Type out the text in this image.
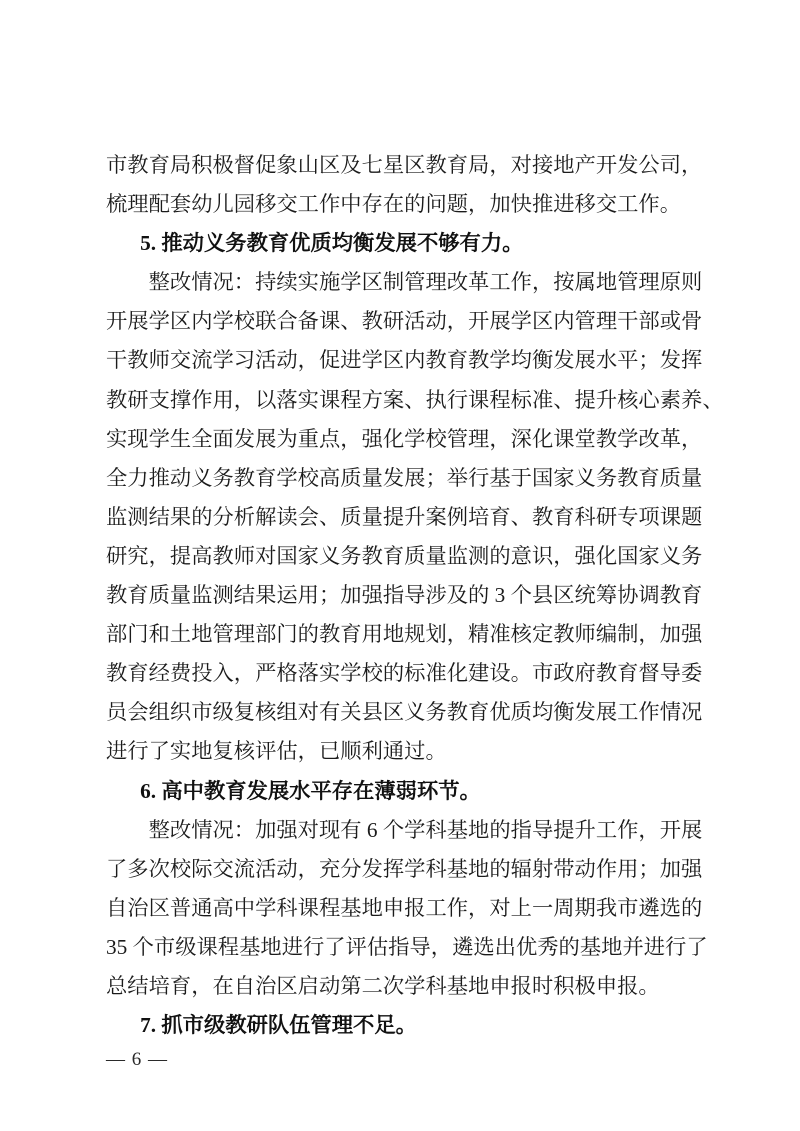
市教育局积极督促象山区及七星区教育局，对接地产开发公司，
梳理配套幼儿园移交工作中存在的问题，加快推进移交工作。
5. 推动义务教育优质均衡发展不够有力。
整改情况：持续实施学区制管理改革工作，按属地管理原则
开展学区内学校联合备课、教研活动，开展学区内管理干部或骨
干教师交流学习活动，促进学区内教育教学均衡发展水平；发挥
教研支撑作用，以落实课程方案、执行课程标准、提升核心素养、
实现学生全面发展为重点，强化学校管理，深化课堂教学改革，
全力推动义务教育学校高质量发展；举行基于国家义务教育质量
监测结果的分析解读会、质量提升案例培育、教育科研专项课题
研究，提高教师对国家义务教育质量监测的意识，强化国家义务
教育质量监测结果运用；加强指导涉及的 3 个县区统筹协调教育
部门和土地管理部门的教育用地规划，精准核定教师编制，加强
教育经费投入，严格落实学校的标准化建设。市政府教育督导委
员会组织市级复核组对有关县区义务教育优质均衡发展工作情况
进行了实地复核评估，已顺利通过。
6. 高中教育发展水平存在薄弱环节。
整改情况：加强对现有 6 个学科基地的指导提升工作，开展
了多次校际交流活动，充分发挥学科基地的辐射带动作用；加强
自治区普通高中学科课程基地申报工作，对上一周期我市遴选的
35 个市级课程基地进行了评估指导，遴选出优秀的基地并进行了
总结培育，在自治区启动第二次学科基地申报时积极申报。
7. 抓市级教研队伍管理不足。
— 6 —
